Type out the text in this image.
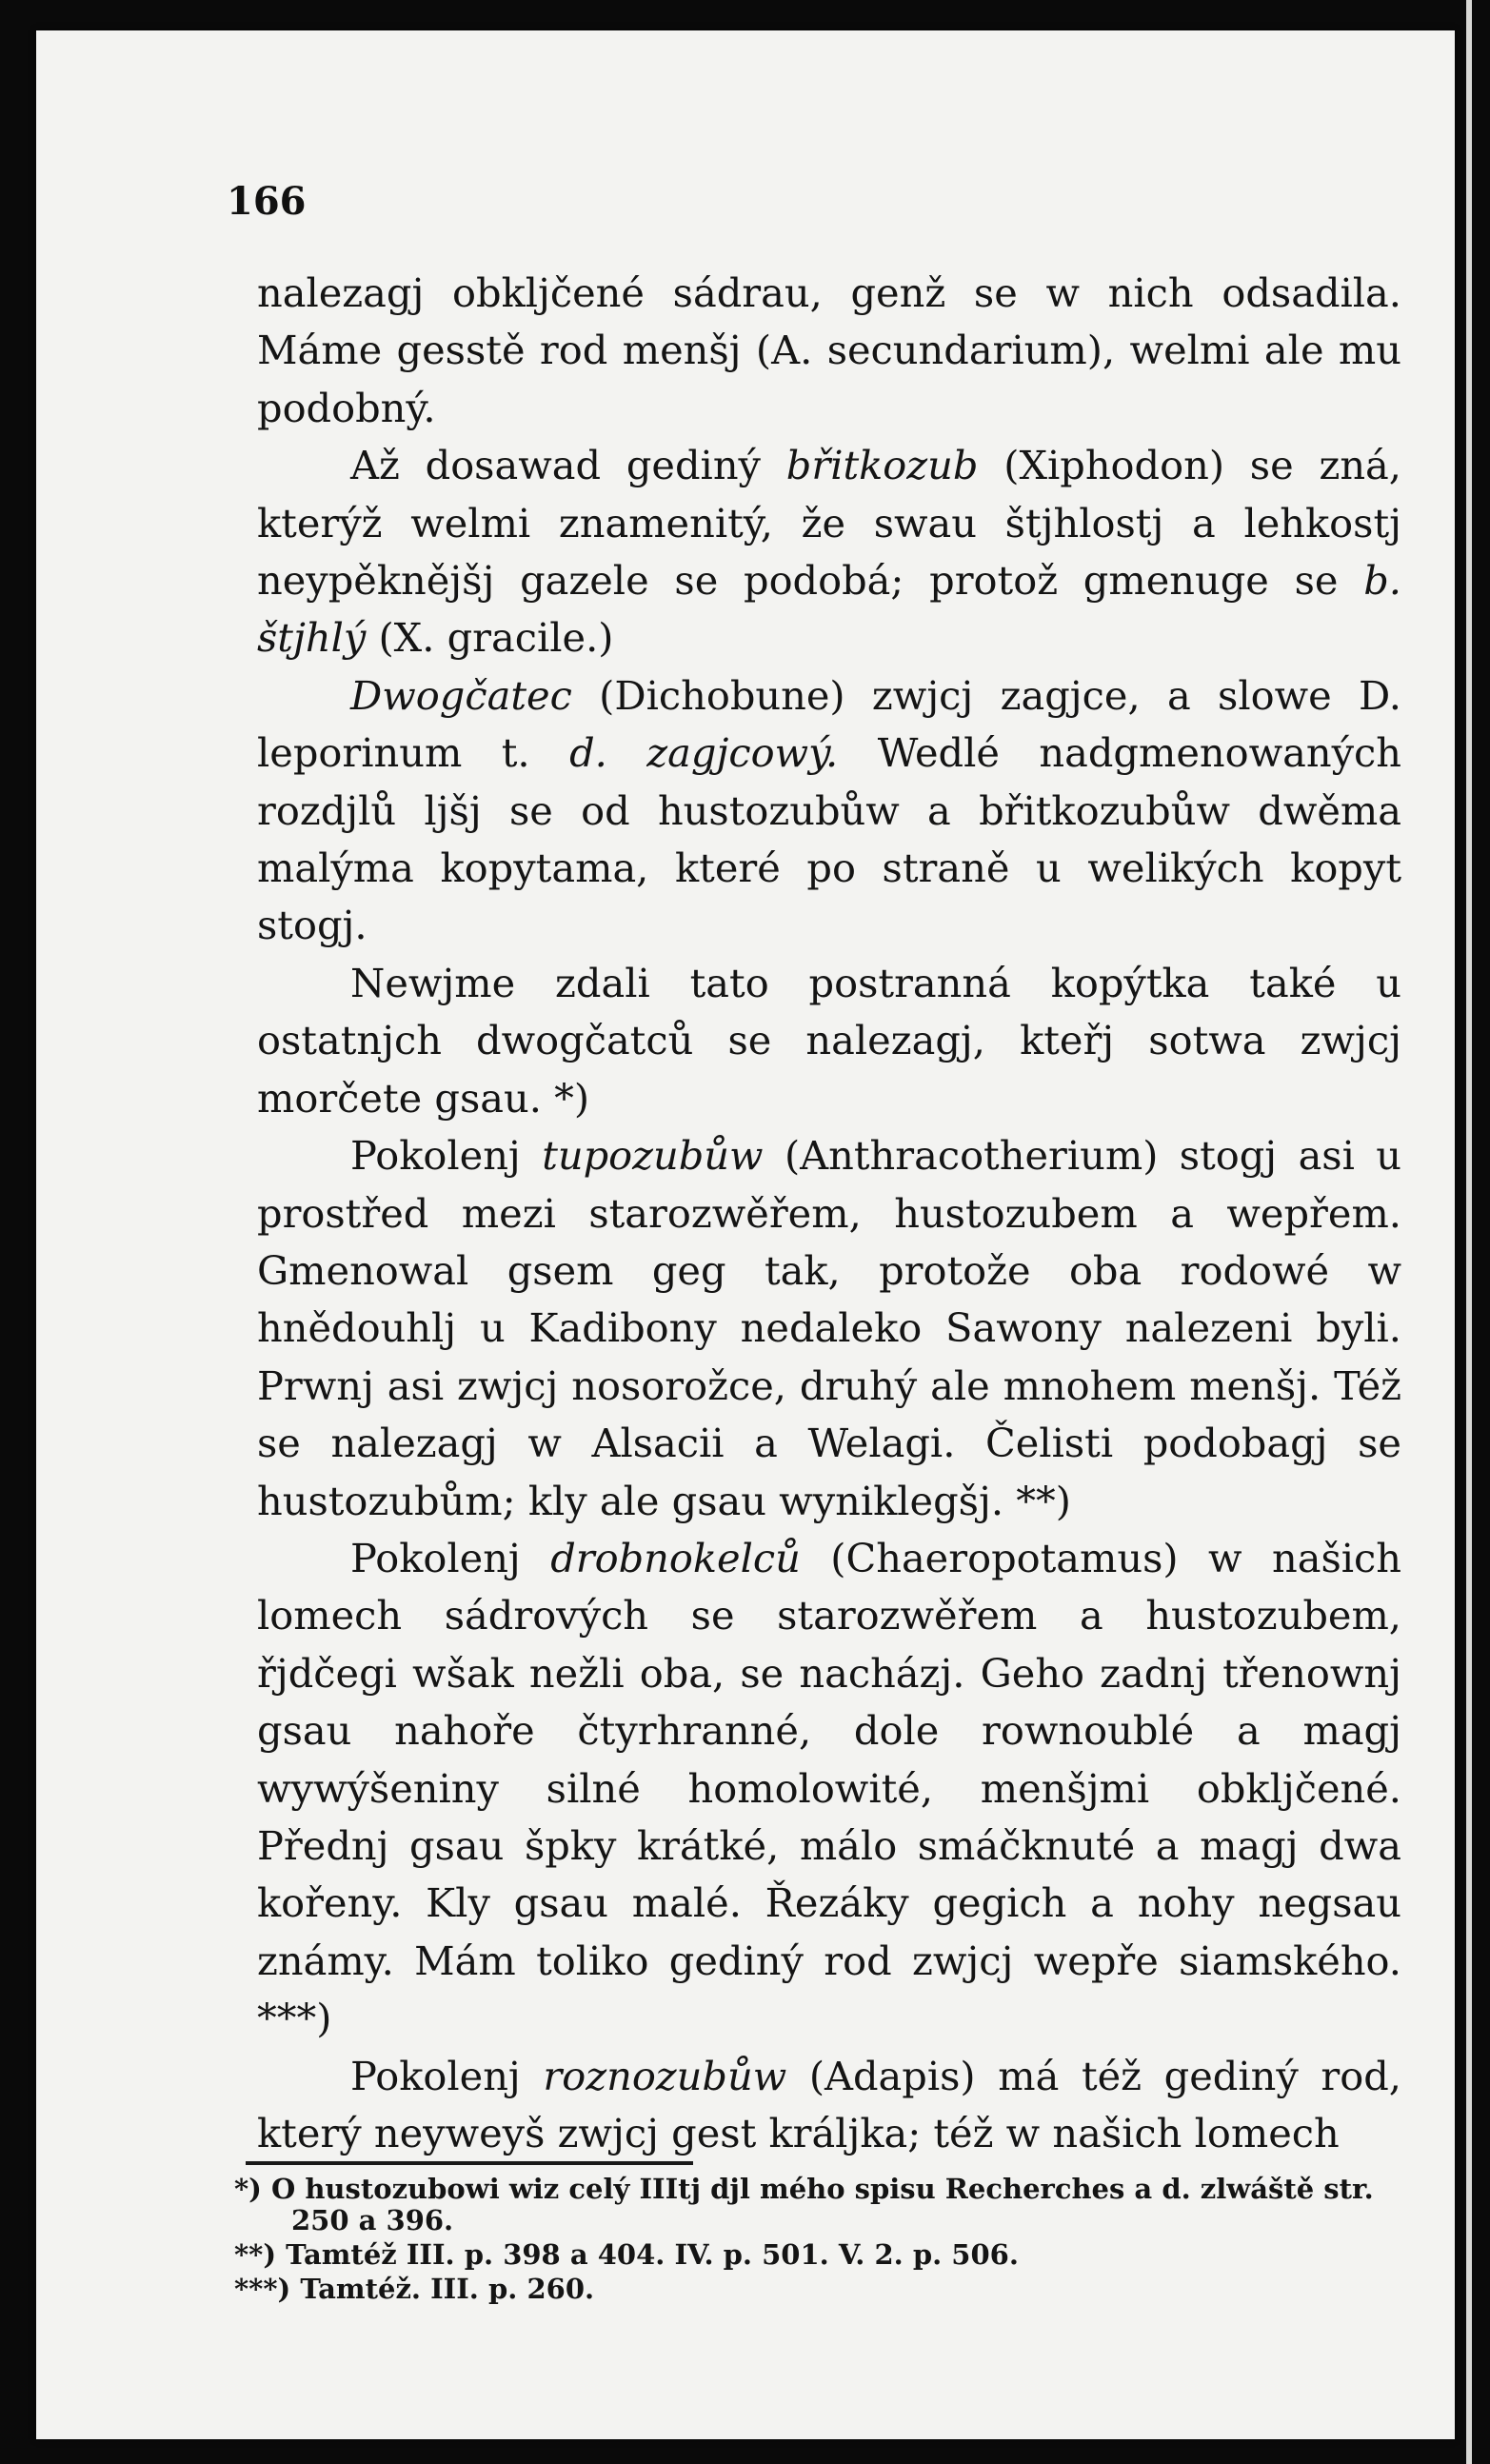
166

nalezagj obkljčené sádrau, genž se w nich odsadila. Máme gesstě rod menšj (A. secundarium), welmi ale mu podobný.

Až dosawad gediný břitkozub (Xiphodon) se zná, kterýž welmi znamenitý, že swau štjhlostj a lehkostj neypěknějšj gazele se podobá; protož gmenuge se b. štjhlý (X. gracile.)

Dwogčatec (Dichobune) zwjcj zagjce, a slowe D. leporinum t. d. zagjcowý. Wedlé nadgmenowaných rozdjlů ljšj se od hustozubůw a břitkozubůw dwěma malýma kopytama, které po straně u welikých kopyt stogj.

Newjme zdali tato postranná kopýtka také u ostatnjch dwogčatců se nalezagj, kteřj sotwa zwjcj morčete gsau. *)

Pokolenj tupozubůw (Anthracotherium) stogj asi u prostřed mezi starozwěřem, hustozubem a wepřem. Gmenowal gsem geg tak, protože oba rodowé w hnědouhlj u Kadibony nedaleko Sawony nalezeni byli. Prwnj asi zwjcj nosorožce, druhý ale mnohem menšj. Též se nalezagj w Alsacii a Welagi. Čelisti podobagj se hustozubům; kly ale gsau wyniklegšj. **)

Pokolenj drobnokelců (Chaeropotamus) w našich lomech sádrových se starozwěřem a hustozubem, řjdčegi wšak nežli oba, se nacházj. Geho zadnj třenownj gsau nahoře čtyrhranné, dole rownoublé a magj wywýšeniny silné homolowité, menšjmi obkljčené. Přednj gsau špky krátké, málo smáčknuté a magj dwa kořeny. Kly gsau malé. Řezáky gegich a nohy negsau známy. Mám toliko gediný rod zwjcj wepře siamského. ***)

Pokolenj roznozubůw (Adapis) má též gediný rod, který neyweyš zwjcj gest králjka; též w našich lomech

*) O hustozubowi wiz celý IIItj djl mého spisu Recherches a d. zlwáště str. 250 a 396.

**) Tamtéž III. p. 398 a 404. IV. p. 501. V. 2. p. 506.

***) Tamtéž. III. p. 260.
